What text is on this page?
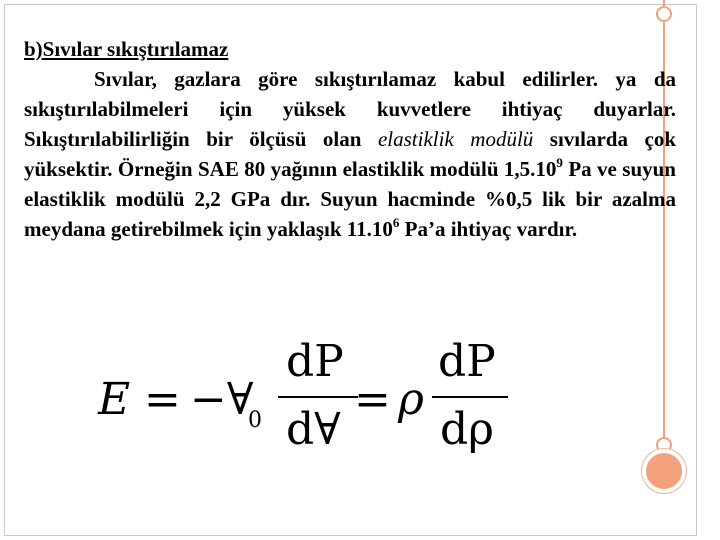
b)Sıvılar sıkıştırılamaz
Sıvılar, gazlara göre sıkıştırılamaz kabul edilirler. ya da sıkıştırılabilmeleri için yüksek kuvvetlere ihtiyaç duyarlar. Sıkıştırılabilirliğin bir ölçüsü olan elastiklik modülü sıvılarda çok yüksektir. Örneğin SAE 80 yağının elastiklik modülü 1,5.10$^9$ Pa ve suyun elastiklik modülü 2,2 GPa dır. Suyun hacminde %0,5 lik bir azalma meydana getirebilmek için yaklaşık 11.10$^6$ Pa’a ihtiyaç vardır.
E = −∀
0
dP
d∀
= ρ
dP
dρ
